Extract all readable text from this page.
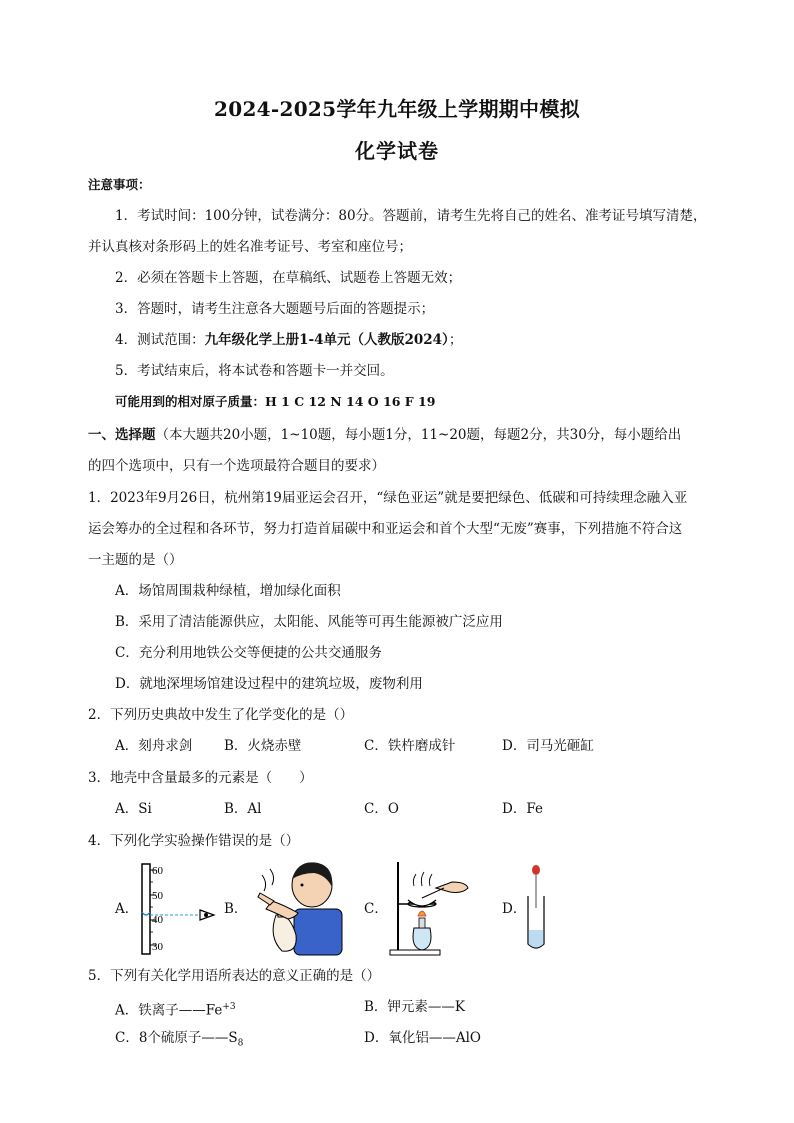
2024-2025学年九年级上学期期中模拟
化学试卷
注意事项：
1．考试时间：100分钟，试卷满分：80分。答题前，请考生先将自己的姓名、准考证号填写清楚，
并认真核对条形码上的姓名准考证号、考室和座位号；
2．必须在答题卡上答题，在草稿纸、试题卷上答题无效；
3．答题时，请考生注意各大题题号后面的答题提示；
4．测试范围：九年级化学上册1-4单元（人教版2024）；
5．考试结束后，将本试卷和答题卡一并交回。
可能用到的相对原子质量：H 1 C 12 N 14 O 16 F 19
一、选择题（本大题共20小题，1~10题，每小题1分，11~20题，每题2分，共30分，每小题给出
的四个选项中，只有一个选项最符合题目的要求）
1．2023年9月26日，杭州第19届亚运会召开，“绿色亚运”就是要把绿色、低碳和可持续理念融入亚
运会筹办的全过程和各环节，努力打造首届碳中和亚运会和首个大型“无废”赛事，下列措施不符合这
一主题的是（）
A．场馆周围栽种绿植，增加绿化面积
B．采用了清洁能源供应，太阳能、风能等可再生能源被广泛应用
C．充分利用地铁公交等便捷的公共交通服务
D．就地深埋场馆建设过程中的建筑垃圾，废物利用
2．下列历史典故中发生了化学变化的是（）
A．刻舟求剑 B．火烧赤壁	C．铁杵磨成针	D．司马光砸缸
3．地壳中含量最多的元素是（　　）
A．Si	B．Al	C．O	D．Fe
4．下列化学实验操作错误的是（）
A．
60
50
40
30
B．	C．	D．
5．下列有关化学用语所表达的意义正确的是（）
A．铁离子$——Fe^{+3}$	B．钾元素——K
C．8个硫原子$——S_8$	D．氧化铝——AlO
